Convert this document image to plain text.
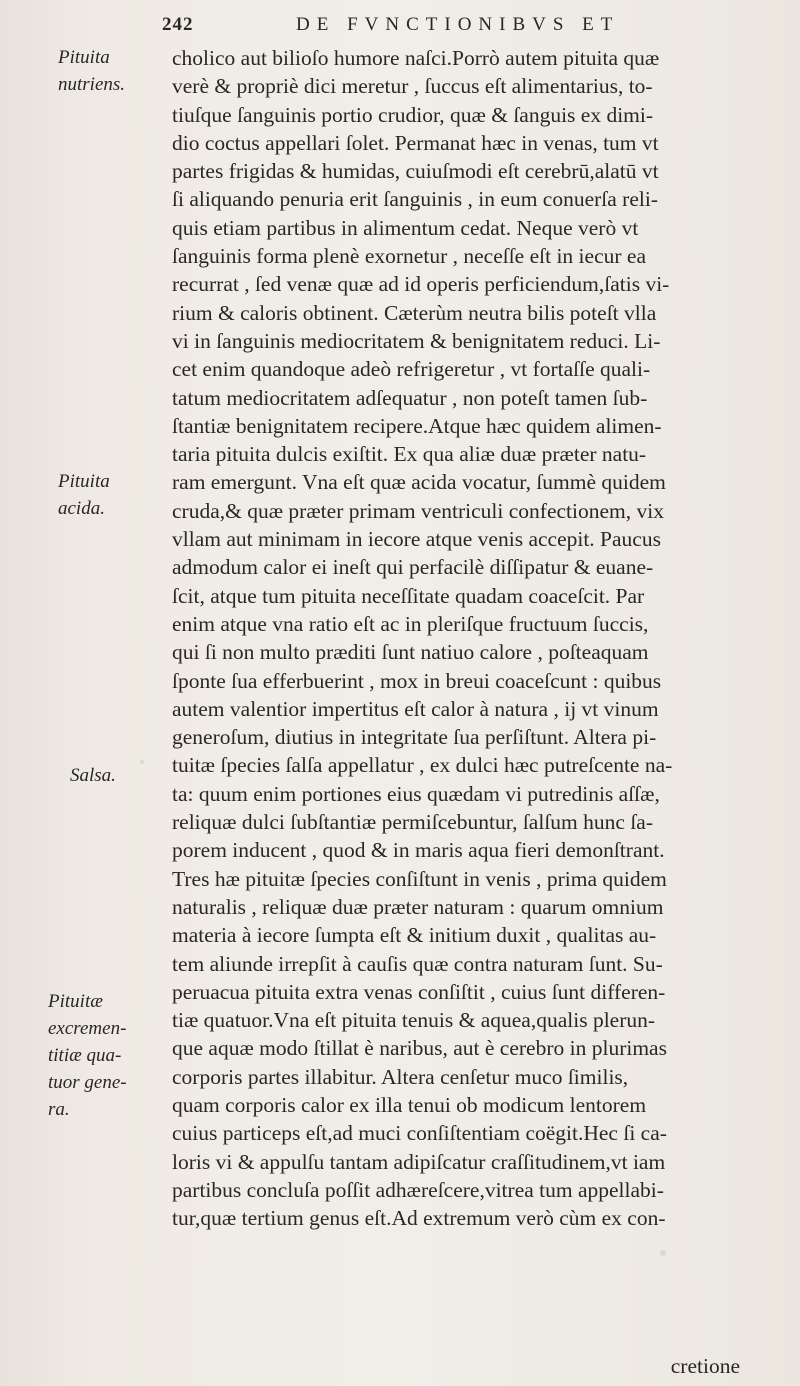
242	DE FVNCTIONIBVS ET
Pituita
nutriens.
Pituita
acida.
Salsa.
Pituitæ
excremen-
titiæ qua-
tuor gene-
ra.
cholico aut bilioſo humore naſci.Porrò autem pituita quæ
verè & propriè dici meretur , ſuccus eſt alimentarius, to-
tiuſque ſanguinis portio crudior, quæ & ſanguis ex dimi-
dio coctus appellari ſolet. Permanat hæc in venas, tum vt
partes frigidas & humidas, cuiuſmodi eſt cerebrū,alatū vt
ſi aliquando penuria erit ſanguinis , in eum conuerſa reli-
quis etiam partibus in alimentum cedat. Neque verò vt
ſanguinis forma plenè exornetur , neceſſe eſt in iecur ea
recurrat , ſed venæ quæ ad id operis perficiendum,ſatis vi-
rium & caloris obtinent. Cæterùm neutra bilis poteſt vlla
vi in ſanguinis mediocritatem & benignitatem reduci. Li-
cet enim quandoque adeò refrigeretur , vt fortaſſe quali-
tatum mediocritatem adſequatur , non poteſt tamen ſub-
ſtantiæ benignitatem recipere.Atque hæc quidem alimen-
taria pituita dulcis exiſtit. Ex qua aliæ duæ præter natu-
ram emergunt. Vna eſt quæ acida vocatur, ſummè quidem
cruda,& quæ præter primam ventriculi confectionem, vix
vllam aut minimam in iecore atque venis accepit. Paucus
admodum calor ei ineſt qui perfacilè diſſipatur & euane-
ſcit, atque tum pituita neceſſitate quadam coaceſcit. Par
enim atque vna ratio eſt ac in pleriſque fructuum ſuccis,
qui ſi non multo præditi ſunt natiuo calore , poſteaquam
ſponte ſua efferbuerint , mox in breui coaceſcunt : quibus
autem valentior impertitus eſt calor à natura , ij vt vinum
generoſum, diutius in integritate ſua perſiſtunt. Altera pi-
tuitæ ſpecies ſalſa appellatur , ex dulci hæc putreſcente na-
ta: quum enim portiones eius quædam vi putredinis aſſæ,
reliquæ dulci ſubſtantiæ permiſcebuntur, ſalſum hunc ſa-
porem inducent , quod & in maris aqua fieri demonſtrant.
Tres hæ pituitæ ſpecies conſiſtunt in venis , prima quidem
naturalis , reliquæ duæ præter naturam : quarum omnium
materia à iecore ſumpta eſt & initium duxit , qualitas au-
tem aliunde irrepſit à cauſis quæ contra naturam ſunt. Su-
peruacua pituita extra venas conſiſtit , cuius ſunt differen-
tiæ quatuor.Vna eſt pituita tenuis & aquea,qualis plerun-
que aquæ modo ſtillat è naribus, aut è cerebro in plurimas
corporis partes illabitur. Altera cenſetur muco ſimilis,
quam corporis calor ex illa tenui ob modicum lentorem
cuius particeps eſt,ad muci conſiſtentiam coëgit.Hec ſi ca-
loris vi & appulſu tantam adipiſcatur craſſitudinem,vt iam
partibus concluſa poſſit adhæreſcere,vitrea tum appellabi-
tur,quæ tertium genus eſt.Ad extremum verò cùm ex con-
cretione
